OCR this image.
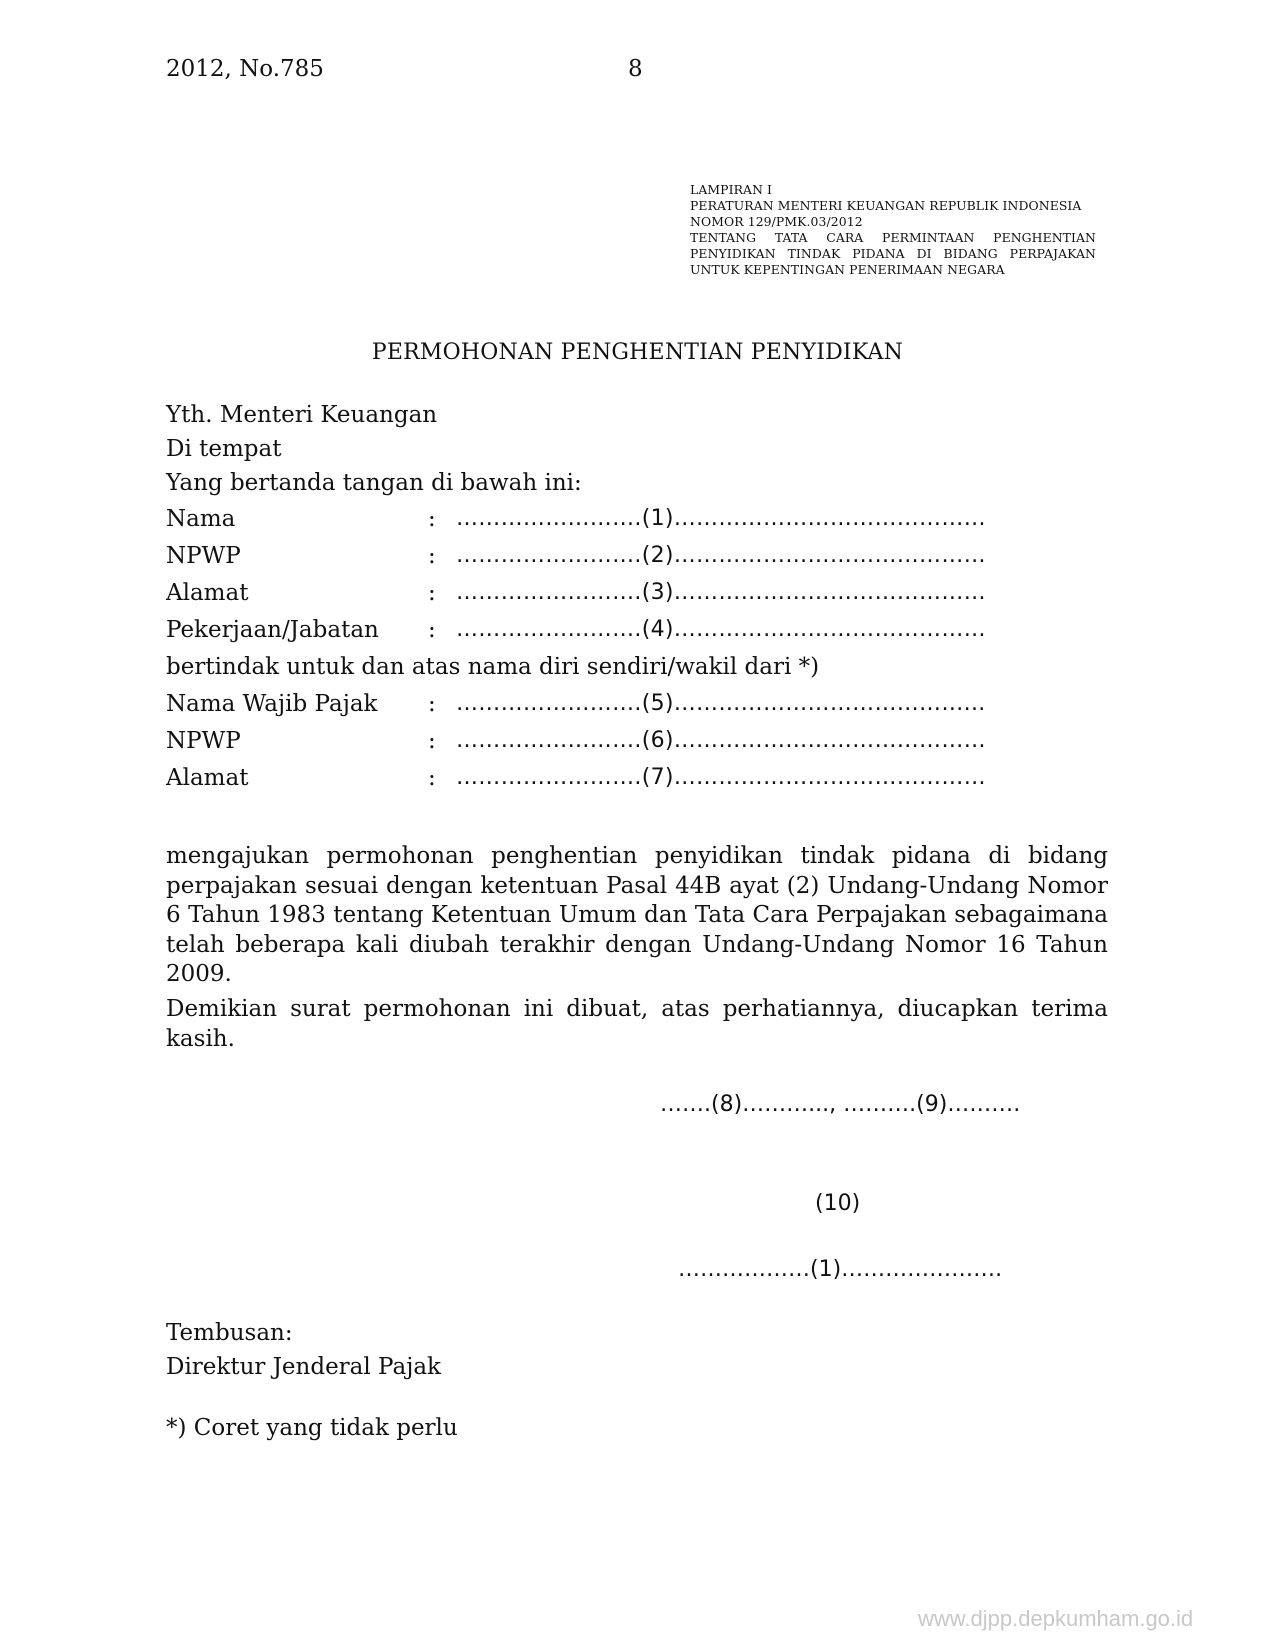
2012, No.785	8
LAMPIRAN I
PERATURAN MENTERI KEUANGAN REPUBLIK INDONESIA
NOMOR 129/PMK.03/2012
TENTANG TATA CARA PERMINTAAN PENGHENTIAN
PENYIDIKAN TINDAK PIDANA DI BIDANG PERPAJAKAN
UNTUK KEPENTINGAN PENERIMAAN NEGARA
PERMOHONAN PENGHENTIAN PENYIDIKAN
Yth. Menteri Keuangan
Di tempat
Yang bertanda tangan di bawah ini:
Nama	: …………………….(1)……………………………………
NPWP	: …………………….(2)……………………………………
Alamat	: …………………….(3)……………………………………
Pekerjaan/Jabatan : …………………….(4)……………………………………
bertindak untuk dan atas nama diri sendiri/wakil dari *)
Nama Wajib Pajak : …………………….(5)…………………………………...
NPWP	: …………………….(6)……………………………………
Alamat	: …………………….(7)……………………………………
mengajukan permohonan penghentian penyidikan tindak pidana di bidang perpajakan sesuai dengan ketentuan Pasal 44B ayat (2) Undang-Undang Nomor 6 Tahun 1983 tentang Ketentuan Umum dan Tata Cara Perpajakan sebagaimana telah beberapa kali diubah terakhir dengan Undang-Undang Nomor 16 Tahun 2009.
Demikian surat permohonan ini dibuat, atas perhatiannya, diucapkan terima kasih.
…….(8)………..., ……….(9)……….
(10)
………………(1)………………….
Tembusan:
Direktur Jenderal Pajak
*) Coret yang tidak perlu
www.djpp.depkumham.go.id
